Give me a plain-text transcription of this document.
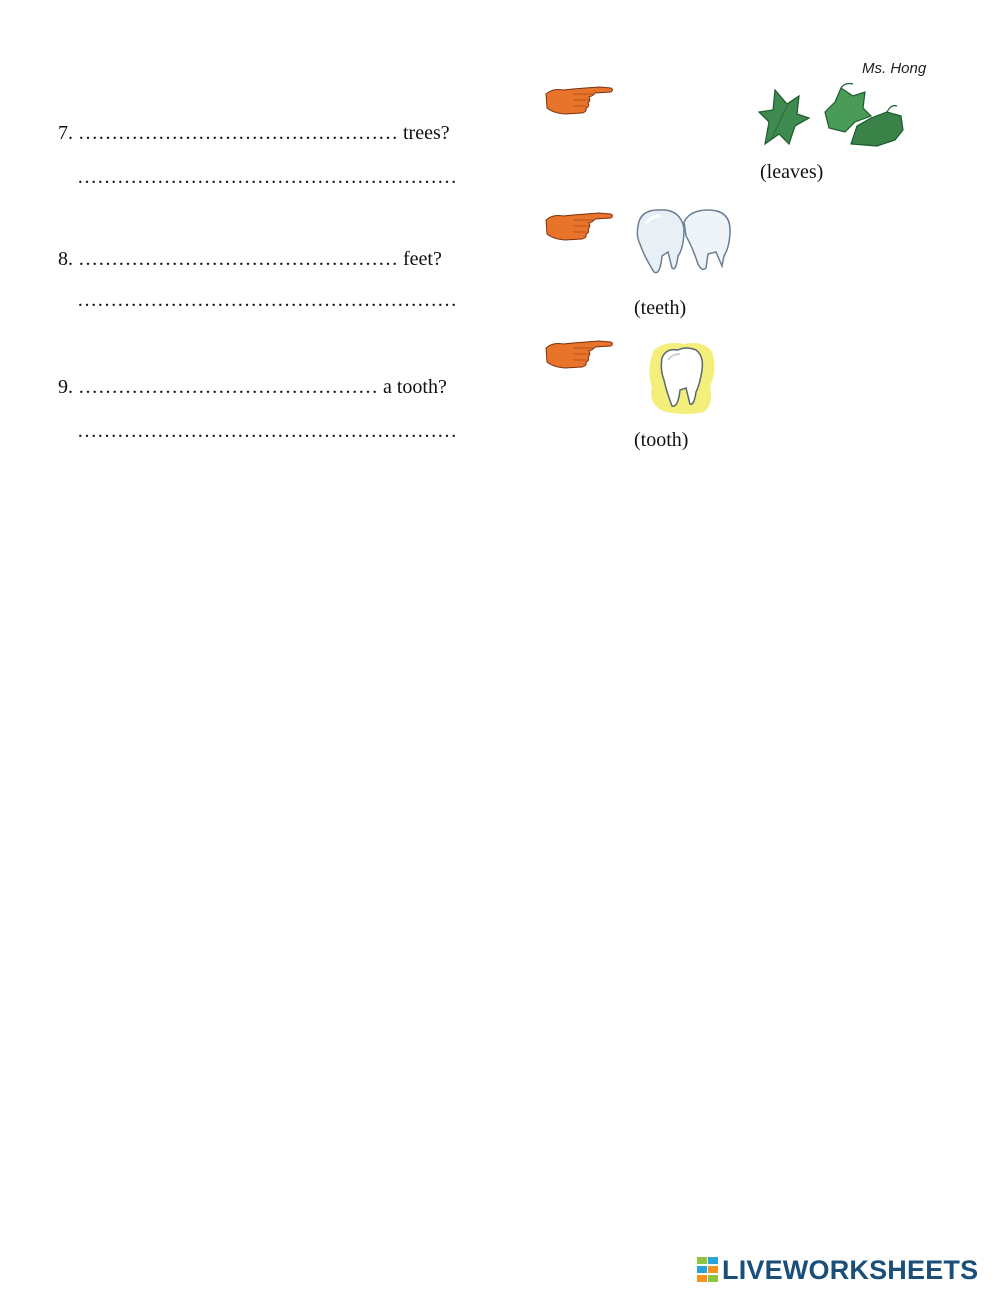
Ms. Hong
7. ………………………………………… trees?
…………………………………………………	(leaves)
8. ………………………………………… feet?
…………………………………………………	(teeth)
9. ……………………………………… a tooth?
…………………………………………………	(tooth)
LIVEWORKSHEETS
